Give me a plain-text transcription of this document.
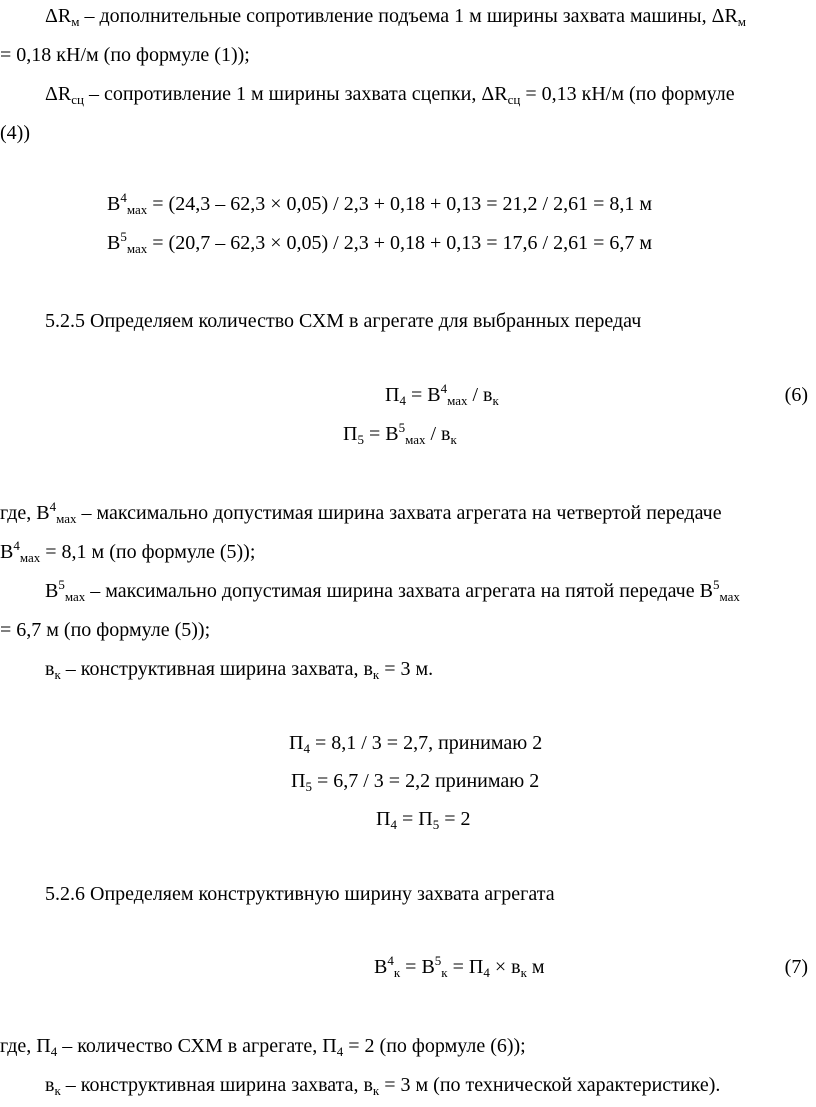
$\Delta R_м$ – дополнительные сопротивление подъема 1 м ширины захвата машины, $\Delta R_м$
= 0,18 кН/м (по формуле (1));
$\Delta R_{сц}$ – сопротивление 1 м ширины захвата сцепки, $\Delta R_{сц} = 0,13$ кН/м (по формуле
(4))
$В^4_{мах} = (24,3 - 62,3 \times 0,05) / 2,3 + 0,18 + 0,13 = 21,2 / 2,61 = 8,1$ м
$В^5_{мах} = (20,7 - 62,3 \times 0,05) / 2,3 + 0,18 + 0,13 = 17,6 / 2,61 = 6,7$ м
5.2.5 Определяем количество СХМ в агрегате для выбранных передач
$П_4 = В^4_{мах} / в_к$	(6)
$П_5 = В^5_{мах} / в_к$
где, $В^4_{мах}$ – максимально допустимая ширина захвата агрегата на четвертой передаче
$В^4_{мах} = 8,1$ м (по формуле (5));
$В^5_{мах}$ – максимально допустимая ширина захвата агрегата на пятой передаче $В^5_{мах}$
= 6,7 м (по формуле (5));
$в_к$ – конструктивная ширина захвата, $в_к = 3$ м.
$П_4 = 8,1 / 3 = 2,7$, принимаю 2
$П_5 = 6,7 / 3 = 2,2$ принимаю 2
$П_4 = П_5 = 2$
5.2.6 Определяем конструктивную ширину захвата агрегата
$В^4_к = В^5_к = П_4 \times в_к$ м	(7)
где, $П_4$ – количество СХМ в агрегате, $П_4 = 2$ (по формуле (6));
$в_к$ – конструктивная ширина захвата, $в_к = 3$ м (по технической характеристике).
